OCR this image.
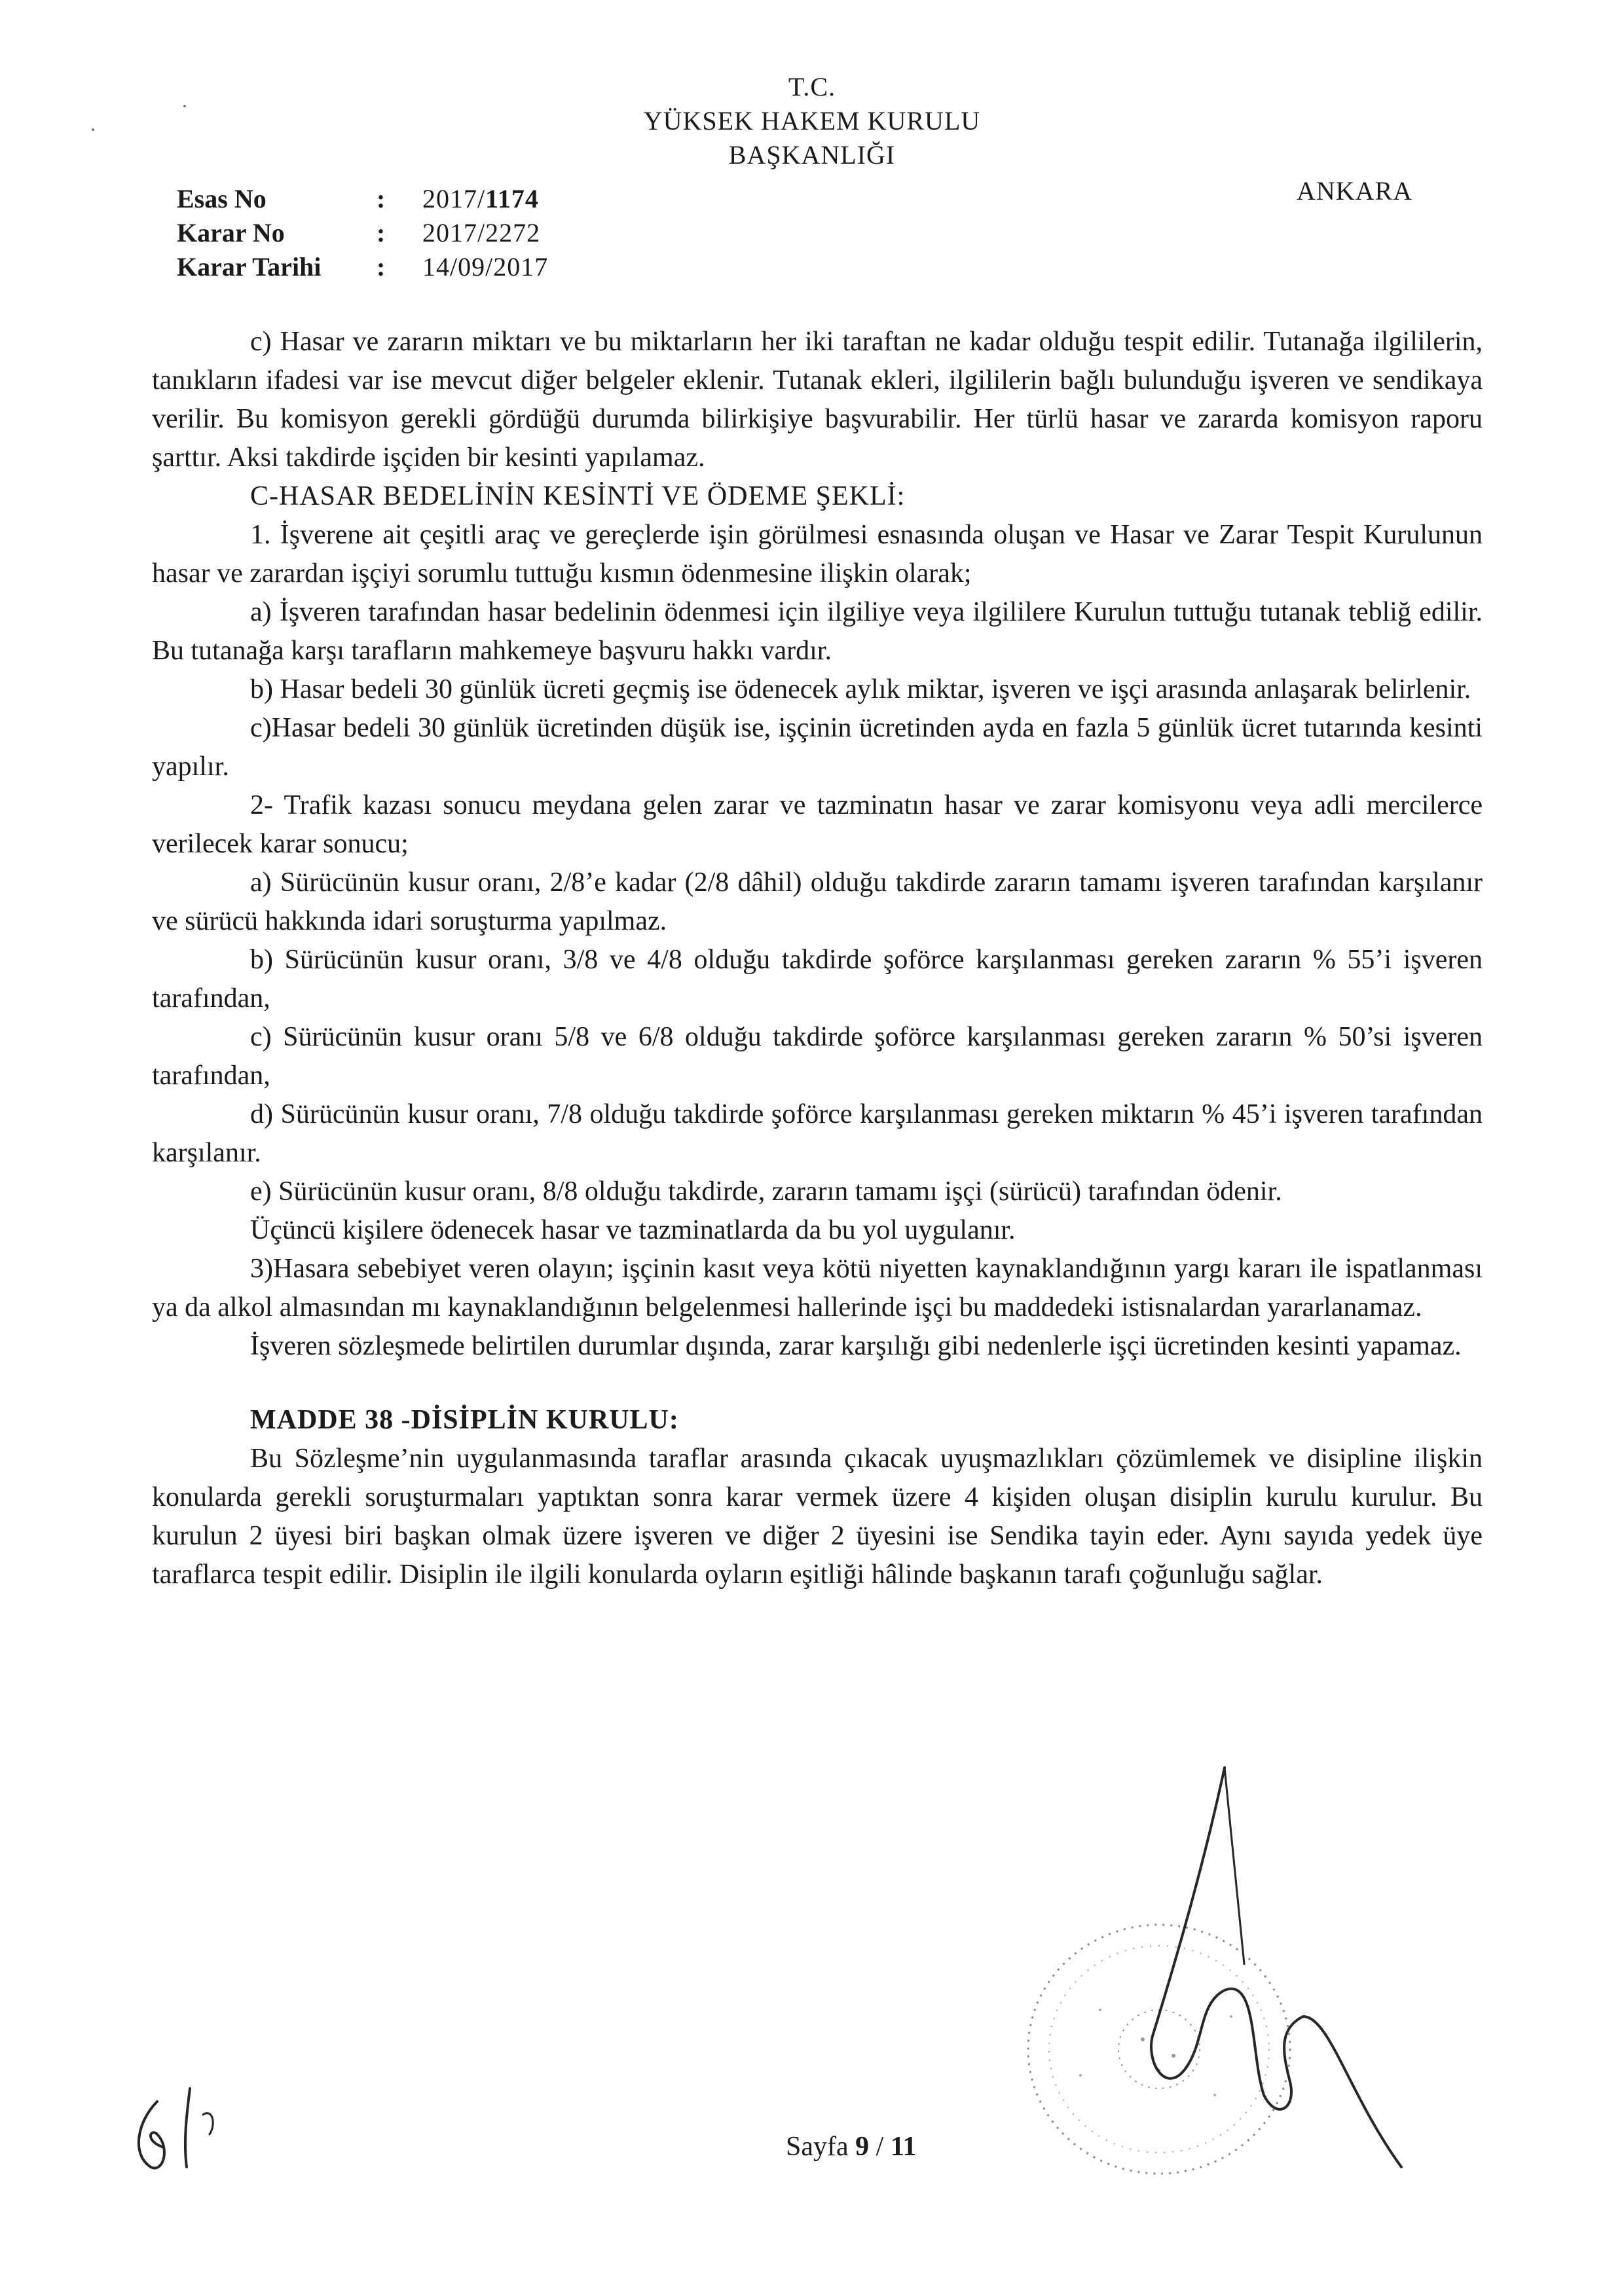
T.C.
YÜKSEK HAKEM KURULU
BAŞKANLIĞI
ANKARA
Esas No	:	2017/1174
Karar No	:	2017/2272
Karar Tarihi	:	14/09/2017

c) Hasar ve zararın miktarı ve bu miktarların her iki taraftan ne kadar olduğu tespit edilir. Tutanağa ilgililerin, tanıkların ifadesi var ise mevcut diğer belgeler eklenir. Tutanak ekleri, ilgililerin bağlı bulunduğu işveren ve sendikaya verilir. Bu komisyon gerekli gördüğü durumda bilirkişiye başvurabilir. Her türlü hasar ve zararda komisyon raporu şarttır. Aksi takdirde işçiden bir kesinti yapılamaz.

C-HASAR BEDELİNİN KESİNTİ VE ÖDEME ŞEKLİ:

1. İşverene ait çeşitli araç ve gereçlerde işin görülmesi esnasında oluşan ve Hasar ve Zarar Tespit Kurulunun hasar ve zarardan işçiyi sorumlu tuttuğu kısmın ödenmesine ilişkin olarak;

a) İşveren tarafından hasar bedelinin ödenmesi için ilgiliye veya ilgililere Kurulun tuttuğu tutanak tebliğ edilir. Bu tutanağa karşı tarafların mahkemeye başvuru hakkı vardır.

b) Hasar bedeli 30 günlük ücreti geçmiş ise ödenecek aylık miktar, işveren ve işçi arasında anlaşarak belirlenir.

c)Hasar bedeli 30 günlük ücretinden düşük ise, işçinin ücretinden ayda en fazla 5 günlük ücret tutarında kesinti yapılır.

2- Trafik kazası sonucu meydana gelen zarar ve tazminatın hasar ve zarar komisyonu veya adli mercilerce verilecek karar sonucu;

a) Sürücünün kusur oranı, 2/8’e kadar (2/8 dâhil) olduğu takdirde zararın tamamı işveren tarafından karşılanır ve sürücü hakkında idari soruşturma yapılmaz.

b) Sürücünün kusur oranı, 3/8 ve 4/8 olduğu takdirde şoförce karşılanması gereken zararın % 55’i işveren tarafından,

c) Sürücünün kusur oranı 5/8 ve 6/8 olduğu takdirde şoförce karşılanması gereken zararın % 50’si işveren tarafından,

d) Sürücünün kusur oranı, 7/8 olduğu takdirde şoförce karşılanması gereken miktarın % 45’i işveren tarafından karşılanır.

e) Sürücünün kusur oranı, 8/8 olduğu takdirde, zararın tamamı işçi (sürücü) tarafından ödenir.

Üçüncü kişilere ödenecek hasar ve tazminatlarda da bu yol uygulanır.

3)Hasara sebebiyet veren olayın; işçinin kasıt veya kötü niyetten kaynaklandığının yargı kararı ile ispatlanması ya da alkol almasından mı kaynaklandığının belgelenmesi hallerinde işçi bu maddedeki istisnalardan yararlanamaz.

İşveren sözleşmede belirtilen durumlar dışında, zarar karşılığı gibi nedenlerle işçi ücretinden kesinti yapamaz.

MADDE 38 -DİSİPLİN KURULU:

Bu Sözleşme’nin uygulanmasında taraflar arasında çıkacak uyuşmazlıkları çözümlemek ve disipline ilişkin konularda gerekli soruşturmaları yaptıktan sonra karar vermek üzere 4 kişiden oluşan disiplin kurulu kurulur. Bu kurulun 2 üyesi biri başkan olmak üzere işveren ve diğer 2 üyesini ise Sendika tayin eder. Aynı sayıda yedek üye taraflarca tespit edilir. Disiplin ile ilgili konularda oyların eşitliği hâlinde başkanın tarafı çoğunluğu sağlar.

Sayfa 9 / 11
